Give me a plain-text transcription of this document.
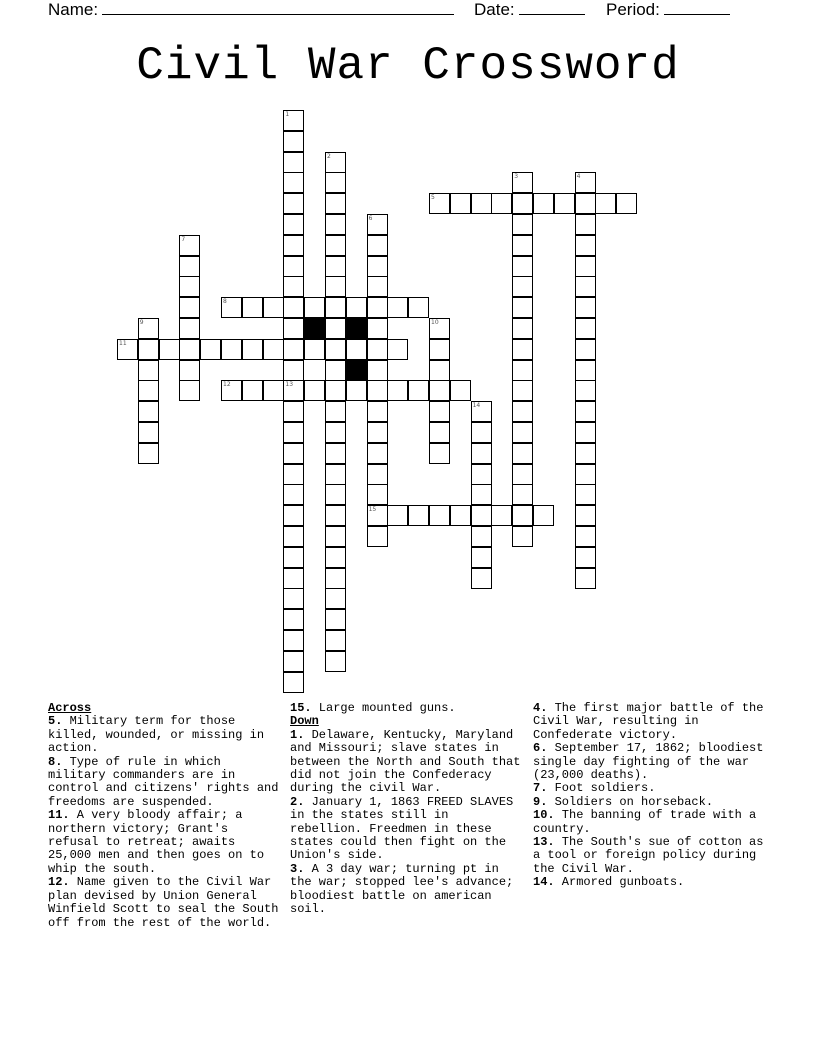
Name:	Date:	Period:
Civil War Crossword
1
13
2
3	4
6
15
7
9	10
14
5
8
11
12
Across
5. Military term for those killed, wounded, or missing in action.
8. Type of rule in which military commanders are in control and citizens' rights and freedoms are suspended.
11. A very bloody affair; a northern victory; Grant's refusal to retreat; awaits 25,000 men and then goes on to whip the south.
12. Name given to the Civil War plan devised by Union General Winfield Scott to seal the South off from the rest of the world.
15. Large mounted guns.
Down
1. Delaware, Kentucky, Maryland and Missouri; slave states in between the North and South that did not join the Confederacy during the civil War.
2. January 1, 1863 FREED SLAVES in the states still in rebellion. Freedmen in these states could then fight on the Union's side.
3. A 3 day war; turning pt in the war; stopped lee's advance; bloodiest battle on american soil.
4. The first major battle of the Civil War, resulting in Confederate victory.
6. September 17, 1862; bloodiest single day fighting of the war (23,000 deaths).
7. Foot soldiers.
9. Soldiers on horseback.
10. The banning of trade with a country.
13. The South's sue of cotton as a tool or foreign policy during the Civil War.
14. Armored gunboats.
